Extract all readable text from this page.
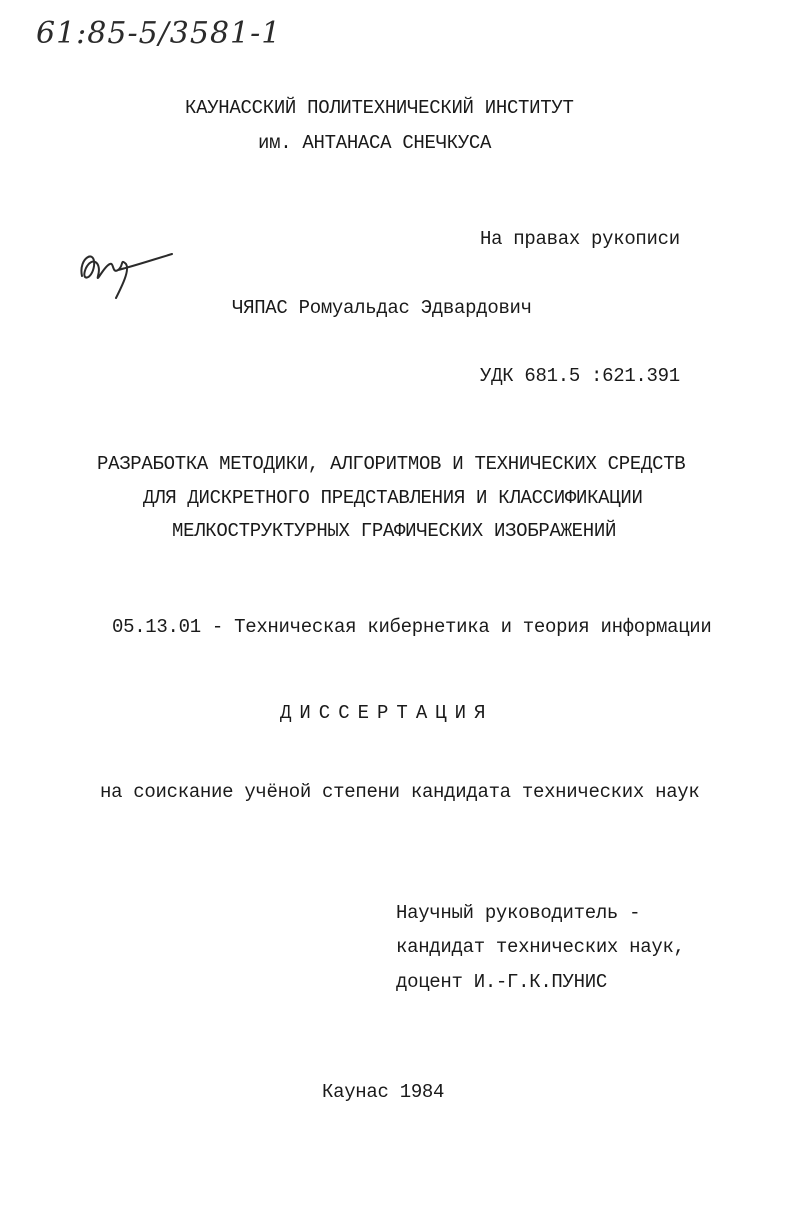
61:85-5/3581-1
КАУНАССКИЙ ПОЛИТЕХНИЧЕСКИЙ ИНСТИТУТ
им. АНТАНАСА СНЕЧКУСА
На правах рукописи
ЧЯПАС Ромуальдас Эдвардович
УДК 681.5 :621.391
РАЗРАБОТКА МЕТОДИКИ, АЛГОРИТМОВ И ТЕХНИЧЕСКИХ СРЕДСТВ
ДЛЯ ДИСКРЕТНОГО ПРЕДСТАВЛЕНИЯ И КЛАССИФИКАЦИИ
МЕЛКОСТРУКТУРНЫХ ГРАФИЧЕСКИХ ИЗОБРАЖЕНИЙ
05.13.01 - Техническая кибернетика и теория информации
ДИССЕРТАЦИЯ
на соискание учёной степени кандидата технических наук
Научный руководитель -
кандидат технических наук,
доцент И.-Г.К.ПУНИС
Каунас 1984
